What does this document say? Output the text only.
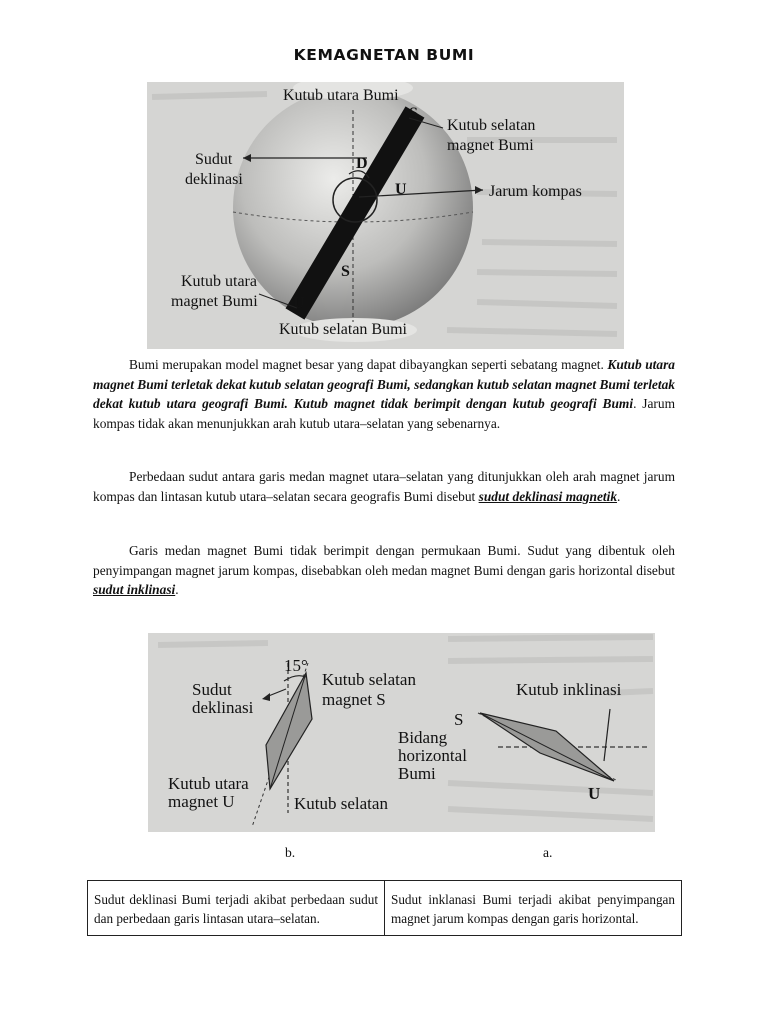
KEMAGNETAN BUMI
Kutub utara Bumi
S
Kutub selatan
magnet Bumi
Sudut
deklinasi
D
U	Jarum kompas
S
Kutub utara
magnet Bumi U
Kutub selatan Bumi

Bumi merupakan model magnet besar yang dapat dibayangkan seperti sebatang magnet. Kutub utara magnet Bumi terletak dekat kutub selatan geografi Bumi, sedangkan kutub selatan magnet Bumi terletak dekat kutub utara geografi Bumi. Kutub magnet tidak berimpit dengan kutub geografi Bumi. Jarum kompas tidak akan menunjukkan arah kutub utara–selatan yang sebenarnya.

Perbedaan sudut antara garis medan magnet utara–selatan yang ditunjukkan oleh arah magnet jarum kompas dan lintasan kutub utara–selatan secara geografis Bumi disebut sudut deklinasi magnetik.

Garis medan magnet Bumi tidak berimpit dengan permukaan Bumi. Sudut yang dibentuk oleh penyimpangan magnet jarum kompas, disebabkan oleh medan magnet Bumi dengan garis horizontal disebut sudut inklinasi.

15°
Sudut
deklinasi
Kutub selatan
magnet S
Kutub utara
magnet U	Kutub selatan
Kutub inklinasi
S
Bidang
horizontal
Bumi
U
b.	a.
Sudut deklinasi Bumi terjadi akibat perbedaan sudut dan perbedaan garis lintasan utara–selatan.	Sudut inklanasi Bumi terjadi akibat penyimpangan magnet jarum kompas dengan garis horizontal.
